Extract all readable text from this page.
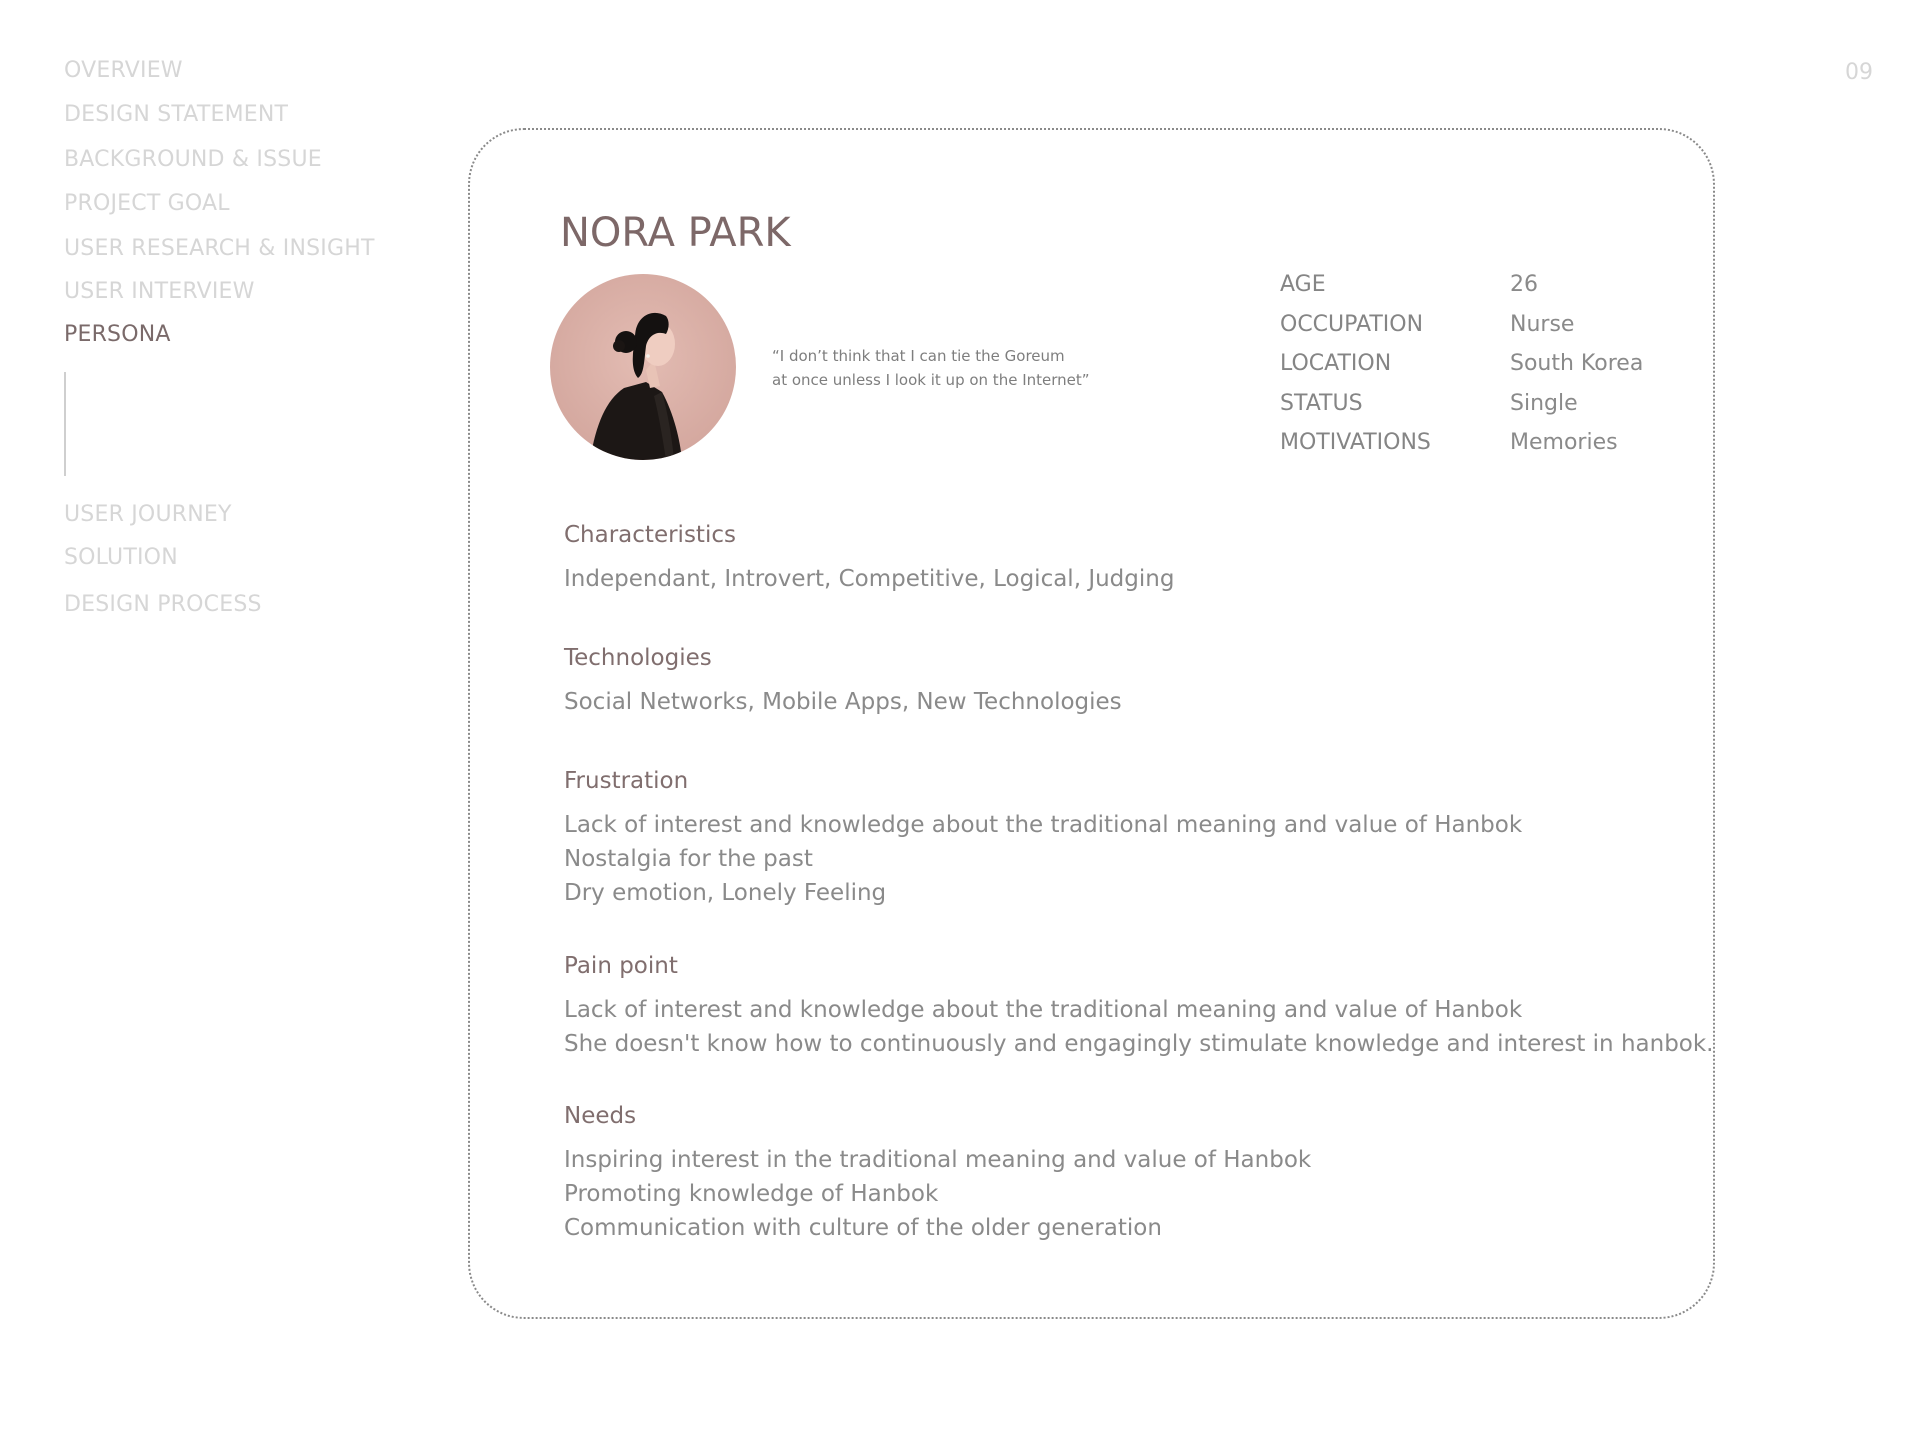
OVERVIEW
DESIGN STATEMENT
BACKGROUND & ISSUE
PROJECT GOAL
USER RESEARCH & INSIGHT
USER INTERVIEW
PERSONA
USER JOURNEY
SOLUTION
DESIGN PROCESS
09
NORA PARK
“I don’t think that I can tie the Goreum
at once unless I look it up on the Internet”
AGE	26
OCCUPATION	Nurse
LOCATION	South Korea
STATUS	Single
MOTIVATIONS	Memories
Characteristics
Independant, Introvert, Competitive, Logical, Judging
Technologies
Social Networks, Mobile Apps, New Technologies
Frustration
Lack of interest and knowledge about the traditional meaning and value of Hanbok
Nostalgia for the past
Dry emotion, Lonely Feeling
Pain point
Lack of interest and knowledge about the traditional meaning and value of Hanbok
She doesn't know how to continuously and engagingly stimulate knowledge and interest in hanbok.
Needs
Inspiring interest in the traditional meaning and value of Hanbok
Promoting knowledge of Hanbok
Communication with culture of the older generation
